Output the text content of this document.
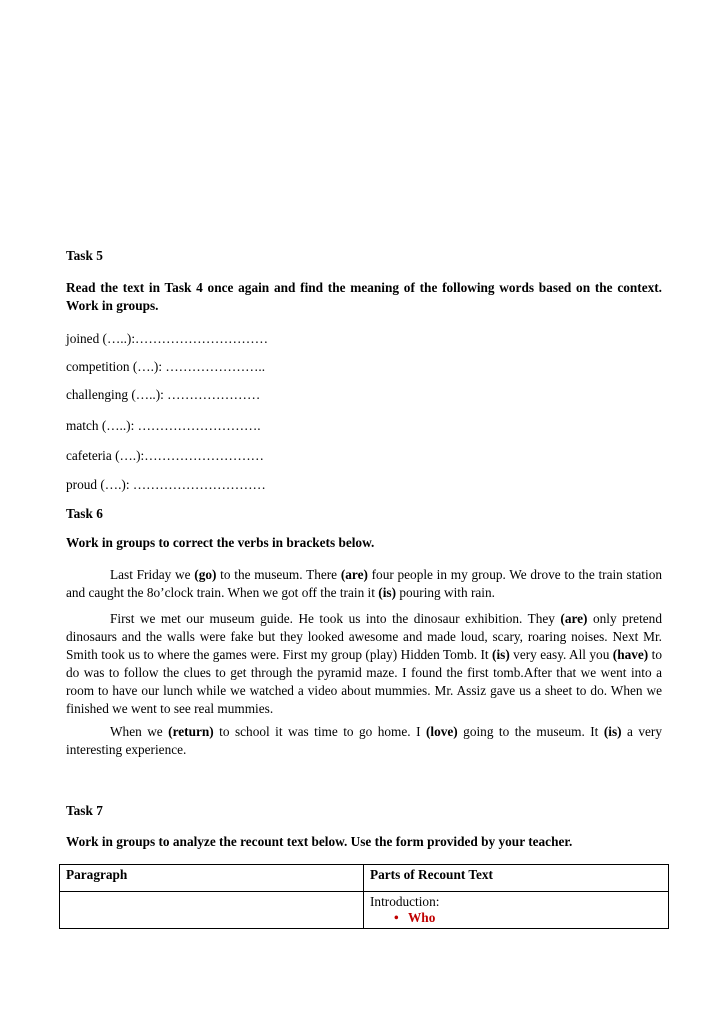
Task 5
Read the text in Task 4 once again and find the meaning of the following words based on the context. Work in groups.
joined (…..):…………………………
competition (….): …………………..
challenging (…..): …………………
match (…..): ……………………….
cafeteria (….):………………………
proud (….): …………………………
Task 6
Work in groups to correct the verbs in brackets below.
Last Friday we (go) to the museum. There (are) four people in my group. We drove to the train station and caught the 8o’clock train. When we got off the train it (is) pouring with rain.
First we met our museum guide. He took us into the dinosaur exhibition. They (are) only pretend dinosaurs and the walls were fake but they looked awesome and made loud, scary, roaring noises. Next Mr. Smith took us to where the games were. First my group (play) Hidden Tomb. It (is) very easy. All you (have) to do was to follow the clues to get through the pyramid maze. I found the first tomb.After that we went into a room to have our lunch while we watched a video about mummies. Mr. Assiz gave us a sheet to do. When we finished we went to see real mummies.
When we (return) to school it was time to go home. I (love) going to the museum. It (is) a very interesting experience.
Task 7
Work in groups to analyze the recount text below. Use the form provided by your teacher.
Paragraph	Parts of Recount Text

	Introduction:
• Who
